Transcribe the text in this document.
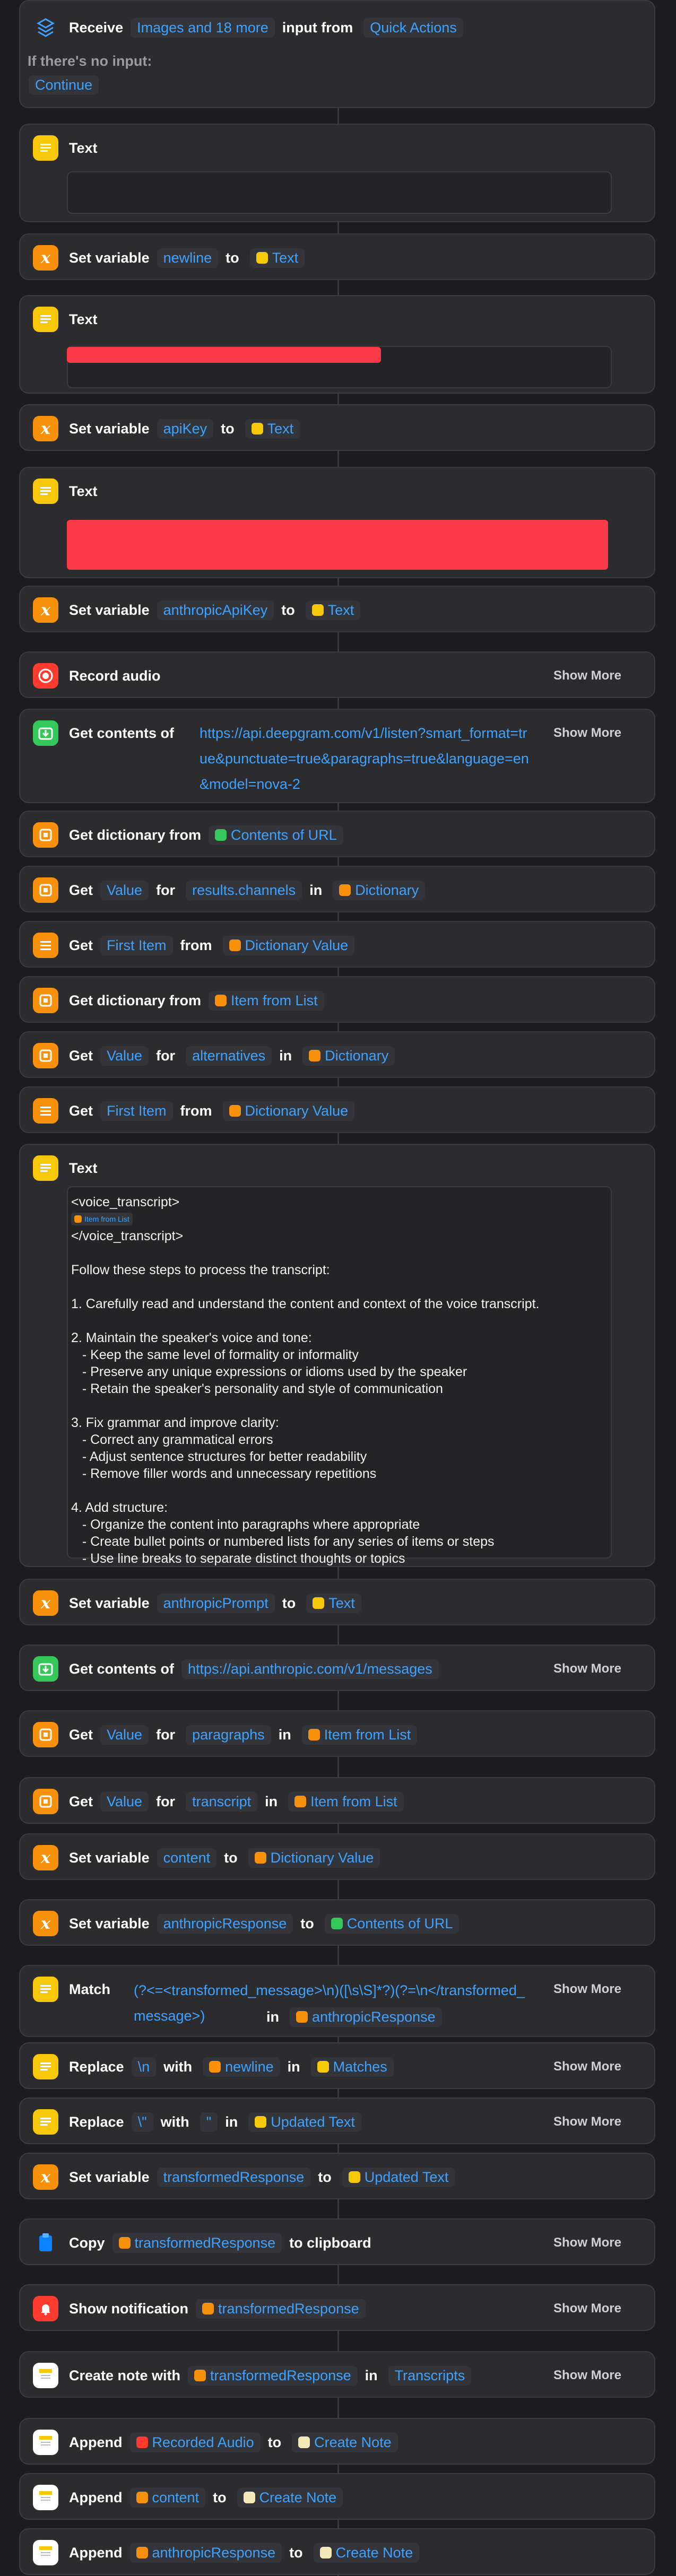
Receive Images and 18 more input from	Quick Actions
If there's no input:
Continue
Text
x Set variable newline to Text
Text
x Set variable apiKey to Text
Text
x Set variable anthropicApiKey to Text
Record audio	Show More
Get contents of https://api.deepgram.com/v1/listen?smart_format=true&punctuate=true&paragraphs=true&language=en&model=nova-2
Show More
Get dictionary from Contents of URL
Get Value for	results.channels in Dictionary
Get First Item from Dictionary Value
Get dictionary from Item from List
Get Value for	alternatives in Dictionary
Get First Item from Dictionary Value
Text
<voice_transcript>
Item from List
</voice_transcript>
Follow these steps to process the transcript:
1. Carefully read and understand the content and context of the voice transcript.
2. Maintain the speaker's voice and tone:
- Keep the same level of formality or informality
- Preserve any unique expressions or idioms used by the speaker
- Retain the speaker's personality and style of communication
3. Fix grammar and improve clarity:
- Correct any grammatical errors
- Adjust sentence structures for better readability
- Remove filler words and unnecessary repetitions
4. Add structure:
- Organize the content into paragraphs where appropriate
- Create bullet points or numbered lists for any series of items or steps
- Use line breaks to separate distinct thoughts or topics
x Set variable anthropicPrompt to Text
Get contents of https://api.anthropic.com/v1/messages	Show More
Get Value for	paragraphs in Item from List
Get Value for	transcript in Item from List
x Set variable content to Dictionary Value
x Set variable anthropicResponse to Contents of URL
Match (?<=<transformed_message>\n)([\s\S]*?)(?=\n</transformed_message>)	in anthropicResponse
Show More
Replace \n with newline in Matches	Show More
Replace \" with	" in Updated Text	Show More
x Set variable transformedResponse to Updated Text
Copy transformedResponse to clipboard	Show More
Show notification transformedResponse	Show More
Create note with transformedResponse in	Transcripts	Show More
Append Recorded Audio to Create Note
Append content to Create Note
Append anthropicResponse to Create Note
